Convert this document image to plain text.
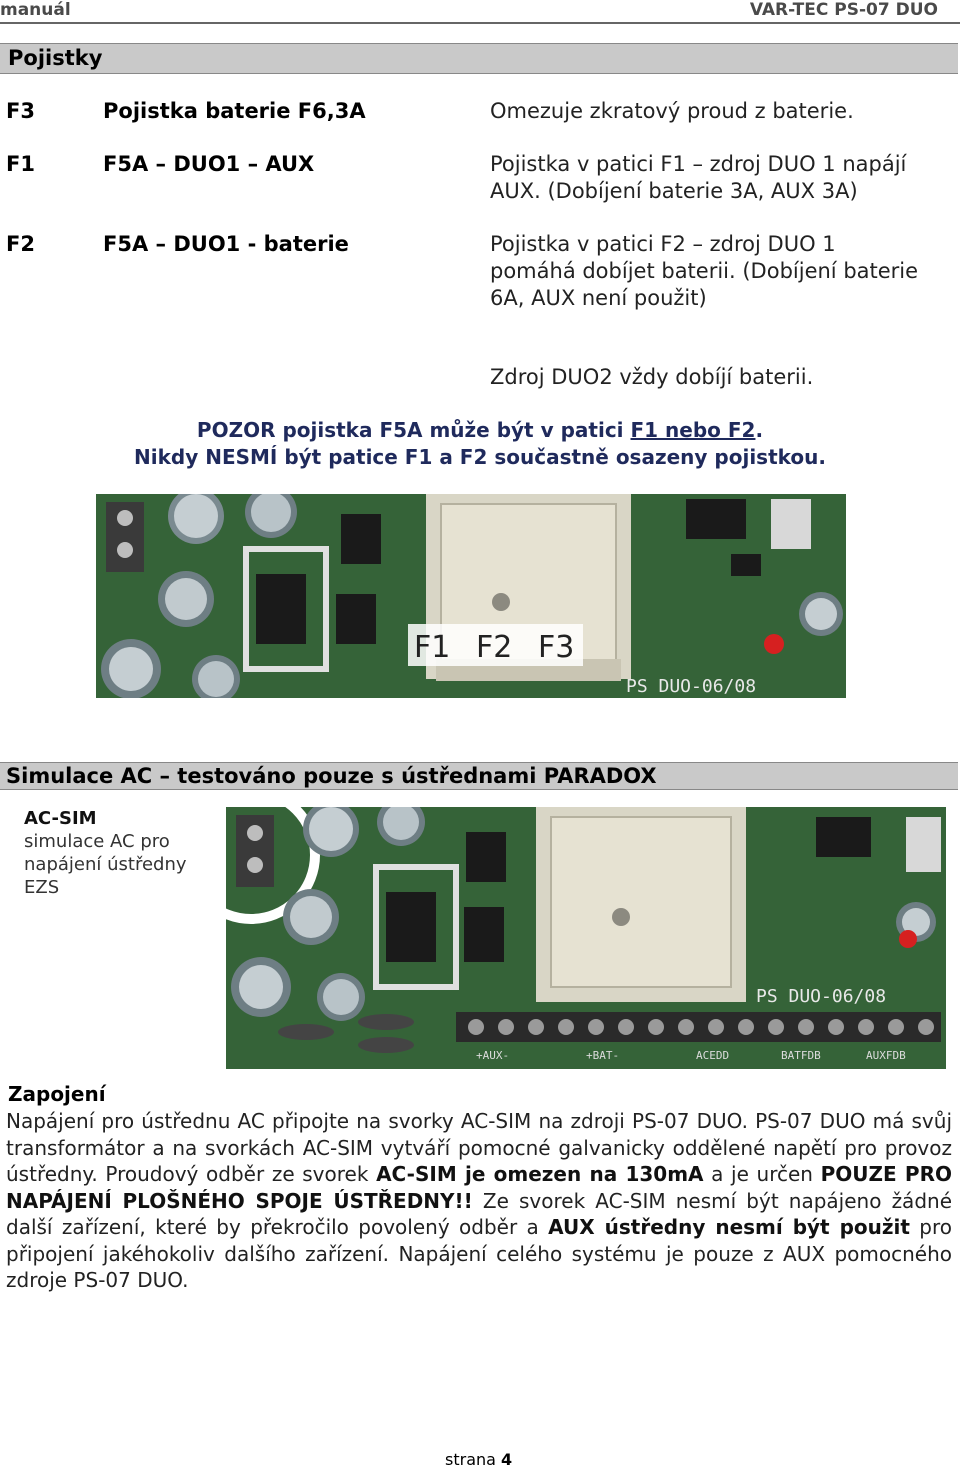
manuál	VAR-TEC PS-07 DUO
Pojistky
F3	Pojistka baterie F6,3A	Omezuje zkratový proud z baterie.
F1	F5A – DUO1 – AUX	Pojistka v patici F1 – zdroj DUO 1 napájí
AUX. (Dobíjení baterie 3A, AUX 3A)
F2	F5A – DUO1 - baterie	Pojistka v patici F2 – zdroj DUO 1
pomáhá dobíjet baterii. (Dobíjení baterie
6A, AUX není použit)
Zdroj DUO2 vždy dobíjí baterii.
POZOR pojistka F5A může být v patici F1 nebo F2.
Nikdy NESMÍ být patice F1 a F2 součastně osazeny pojistkou.
PS DUO-06/08
F1 F2 F3
Simulace AC – testováno pouze s ústřednami PARADOX
AC-SIM
simulace AC pro
napájení ústředny
EZS
PS DUO-06/08
+AUX-	+BAT-	ACEDD	BATFDB	AUXFDB
Zapojení
Napájení pro ústřednu AC připojte na svorky AC-SIM na zdroji PS-07 DUO. PS-07 DUO má svůj transformátor a na svorkách AC-SIM vytváří pomocné galvanicky oddělené napětí pro provoz ústředny. Proudový odběr ze svorek AC-SIM je omezen na 130mA a je určen POUZE PRO NAPÁJENÍ PLOŠNÉHO SPOJE ÚSTŘEDNY!! Ze svorek AC-SIM nesmí být napájeno žádné další zařízení, které by překročilo povolený odběr a AUX ústředny nesmí být použit pro připojení jakéhokoliv dalšího zařízení. Napájení celého systému je pouze z AUX pomocného zdroje PS-07 DUO.
strana 4
